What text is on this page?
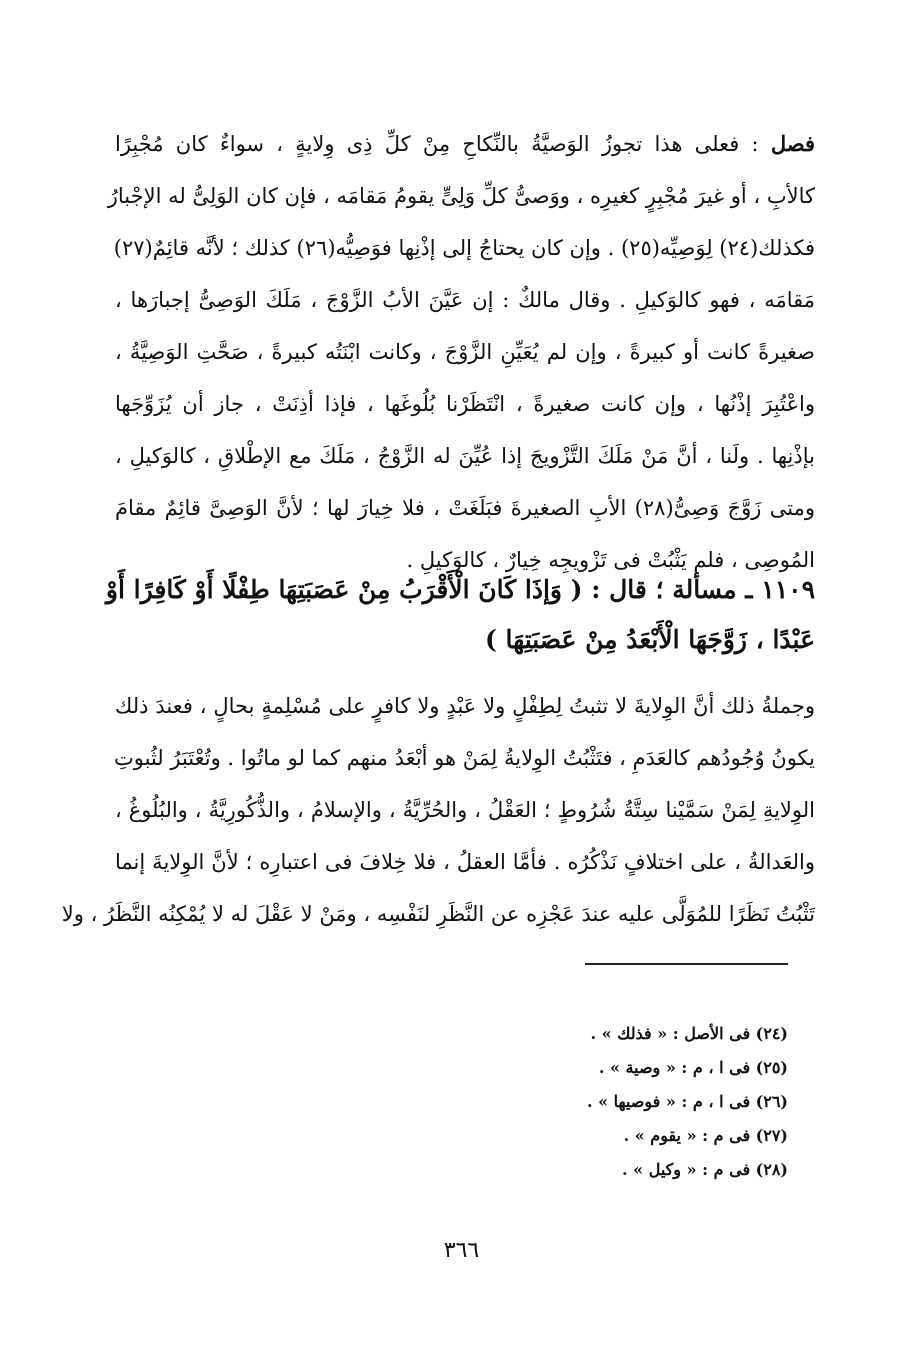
فصل : فعلى هذا تجوزُ الوَصيَّةُ بالنِّكاحِ مِنْ كلِّ ذِى وِلايةٍ ، سواءٌ كان مُجْبِرًا
كالأبِ ، أو غيرَ مُجْبِرٍ كغيرِه ، ووَصىُّ كلِّ وَلِىٍّ يقومُ مَقامَه ، فإن كان الوَلِىُّ له الإجْبارُ
فكذلك(٢٤) لِوَصِيِّه(٢٥) . وإن كان يحتاجُ إلى إذْنِها فوَصِيُّه(٢٦) كذلك ؛ لأنَّه قائِمٌ(٢٧)
مَقامَه ، فهو كالوَكيلِ . وقال مالكٌ : إن عَيَّنَ الأبُ الزَّوْجَ ، مَلَكَ الوَصِىُّ إجبارَها ،
صغيرةً كانت أو كبيرةً ، وإن لم يُعَيِّنِ الزَّوْجَ ، وكانت ابْنَتُه كبيرةً ، صَحَّتِ الوَصِيَّةُ ،
واعْتُبِرَ إذْنُها ، وإن كانت صغيرةً ، انْتَظَرْنا بُلُوغَها ، فإذا أذِنَتْ ، جاز أن يُزَوِّجَها
بإذْنِها . ولَنا ، أنَّ مَنْ مَلَكَ التَّزْويجَ إذا عُيِّنَ له الزَّوْجُ ، مَلَكَ مع الإطْلاقِ ، كالوَكيلِ ،
ومتى زَوَّجَ وَصِىُّ(٢٨) الأبِ الصغيرةَ فبَلَغَتْ ، فلا خِيارَ لها ؛ لأنَّ الوَصِىَّ قائِمٌ مقامَ
المُوصِى ، فلم يَثْبُتْ فى تَزْويجِه خِيارٌ ، كالوَكيلِ .
١١٠٩ ـ مسألة ؛ قال : ( وَإذَا كَانَ الْأَقْرَبُ مِنْ عَصَبَتِهَا طِفْلًا أَوْ كَافِرًا أَوْ
عَبْدًا ، زَوَّجَهَا الْأَبْعَدُ مِنْ عَصَبَتِهَا )
وجملةُ ذلك أنَّ الوِلايةَ لا تثبتُ لِطِفْلٍ ولا عَبْدٍ ولا كافرٍ على مُسْلِمةٍ بحالٍ ، فعندَ ذلك
يكونُ وُجُودُهم كالعَدَمِ ، فتَثْبُتُ الوِلايةُ لِمَنْ هو أبْعَدُ منهم كما لو ماتُوا . وتُعْتَبَرُ لثُبوتِ
الوِلايةِ لِمَنْ سَمَّيْنا سِتَّةُ شُرُوطٍ ؛ العَقْلُ ، والحُرِّيَّةُ ، والإسلامُ ، والذُّكُورِيَّةُ ، والبُلُوغُ ،
والعَدالةُ ، على اختلافٍ نَذْكُرُه . فأمَّا العقلُ ، فلا خِلافَ فى اعتبارِه ؛ لأنَّ الوِلايةَ إنما
تَثْبُتُ نَظَرًا للمُوَلَّى عليه عندَ عَجْزِه عن النَّظَرِ لنَفْسِه ، ومَنْ لا عَقْلَ له لا يُمْكِنُه النَّظَرُ ، ولا
(٢٤) فى الأصل : « فذلك » .
(٢٥) فى ا ، م : « وصية » .
(٢٦) فى ا ، م : « فوصيها » .
(٢٧) فى م : « يقوم » .
(٢٨) فى م : « وكيل » .
٣٦٦
